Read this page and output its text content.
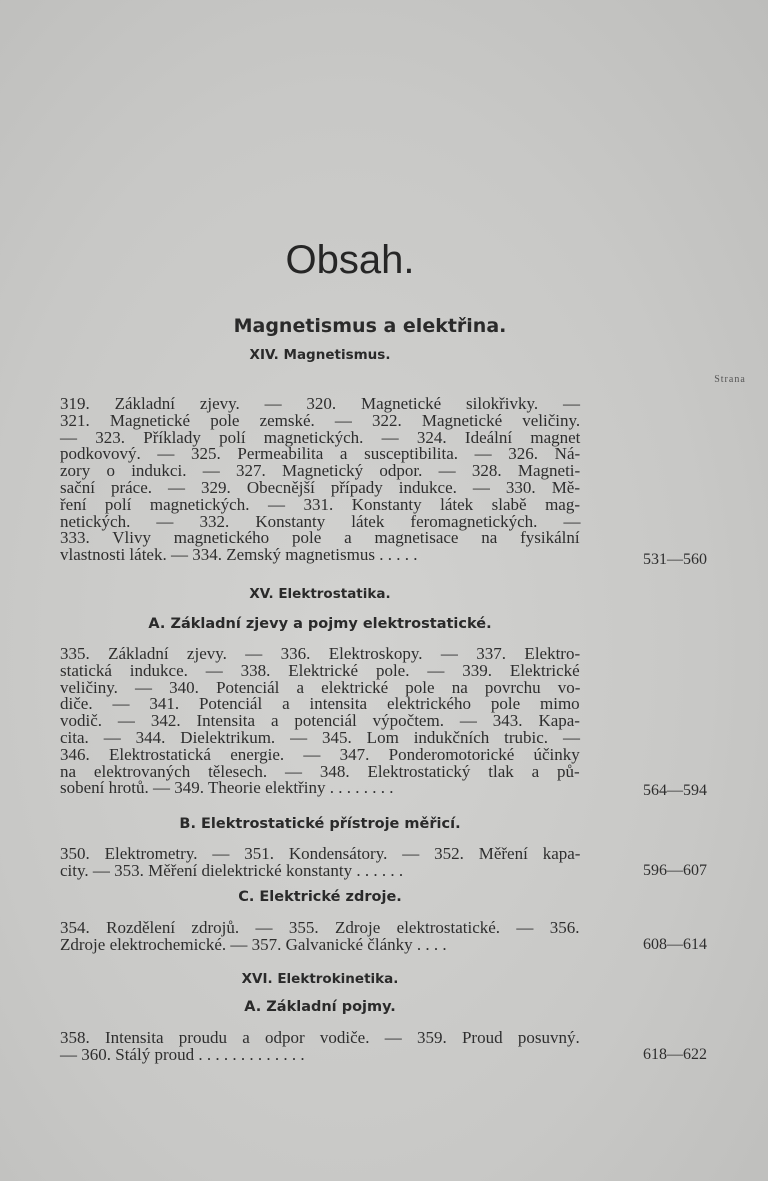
Obsah.
Magnetismus a elektřina.
XIV. Magnetismus.
Strana
319. Základní zjevy. — 320. Magnetické silokřivky. —
321. Magnetické pole zemské. — 322. Magnetické veličiny.
— 323. Příklady polí magnetických. — 324. Ideální magnet
podkovový. — 325. Permeabilita a susceptibilita. — 326. Ná-
zory o indukci. — 327. Magnetický odpor. — 328. Magneti-
sační práce. — 329. Obecnější případy indukce. — 330. Mě-
ření polí magnetických. — 331. Konstanty látek slabě mag-
netických. — 332. Konstanty látek feromagnetických. —
333. Vlivy magnetického pole a magnetisace na fysikální
vlastnosti látek. — 334. Zemský magnetismus . . . . .	531—560
XV. Elektrostatika.
A. Základní zjevy a pojmy elektrostatické.
335. Základní zjevy. — 336. Elektroskopy. — 337. Elektro-
statická indukce. — 338. Elektrické pole. — 339. Elektrické
veličiny. — 340. Potenciál a elektrické pole na povrchu vo-
diče. — 341. Potenciál a intensita elektrického pole mimo
vodič. — 342. Intensita a potenciál výpočtem. — 343. Kapa-
cita. — 344. Dielektrikum. — 345. Lom indukčních trubic. —
346. Elektrostatická energie. — 347. Ponderomotorické účinky
na elektrovaných tělesech. — 348. Elektrostatický tlak a pů-
sobení hrotů. — 349. Theorie elektřiny . . . . . . . .	564—594
B. Elektrostatické přístroje měřicí.
350. Elektrometry. — 351. Kondensátory. — 352. Měření kapa-
city. — 353. Měření dielektrické konstanty . . . . . .	596—607
C. Elektrické zdroje.
354. Rozdělení zdrojů. — 355. Zdroje elektrostatické. — 356.
Zdroje elektrochemické. — 357. Galvanické články . . . .	608—614
XVI. Elektrokinetika.
A. Základní pojmy.
358. Intensita proudu a odpor vodiče. — 359. Proud posuvný.
— 360. Stálý proud . . . . . . . . . . . . .	618—622
